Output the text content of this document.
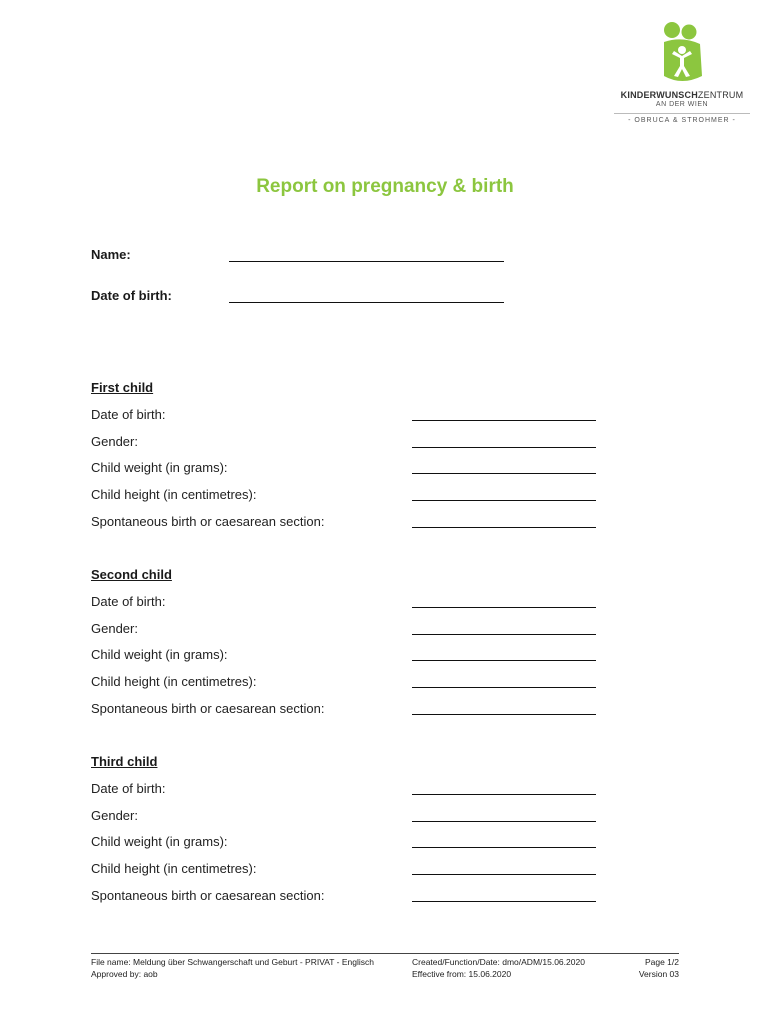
KINDERWUNSCHZENTRUM
AN DER WIEN
- OBRUCA & STROHMER -
Report on pregnancy & birth
Name:
Date of birth:
First child
Date of birth:
Gender:
Child weight (in grams):
Child height (in centimetres):
Spontaneous birth or caesarean section:
Second child
Date of birth:
Gender:
Child weight (in grams):
Child height (in centimetres):
Spontaneous birth or caesarean section:
Third child
Date of birth:
Gender:
Child weight (in grams):
Child height (in centimetres):
Spontaneous birth or caesarean section:
File name: Meldung über Schwangerschaft und Geburt - PRIVAT - Englisch
Approved by: aob
Created/Function/Date: dmo/ADM/15.06.2020
Effective from: 15.06.2020
Page 1/2
Version 03
